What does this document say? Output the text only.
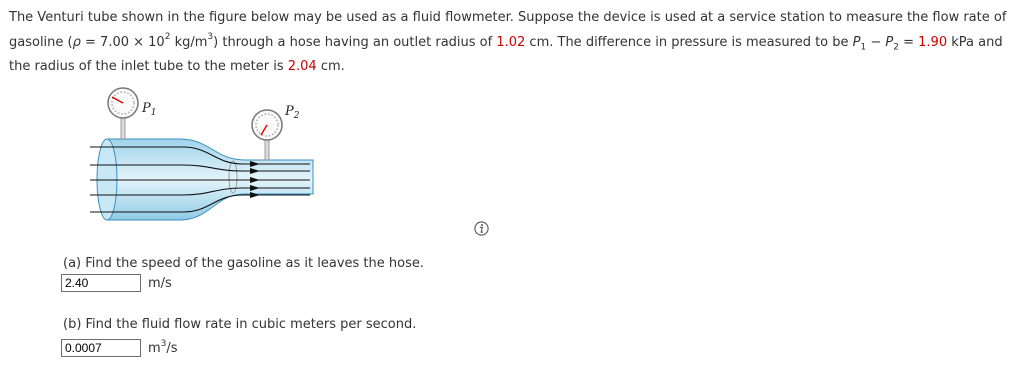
The Venturi tube shown in the figure below may be used as a fluid flowmeter. Suppose the device is used at a service station to measure the flow rate of gasoline ($\rho = 7.00 \times 10^2$ $kg/m^3$) through a hose having an outlet radius of 1.02 cm. The difference in pressure is measured to be $P_1 - P_2 = 1.90$ kPa and the radius of the inlet tube to the meter is 2.04 cm.
$P_1$	$P_2$
(a) Find the speed of the gasoline as it leaves the hose.
2.40
m/s
(b) Find the fluid flow rate in cubic meters per second.
0.0007
$m^3/s$
